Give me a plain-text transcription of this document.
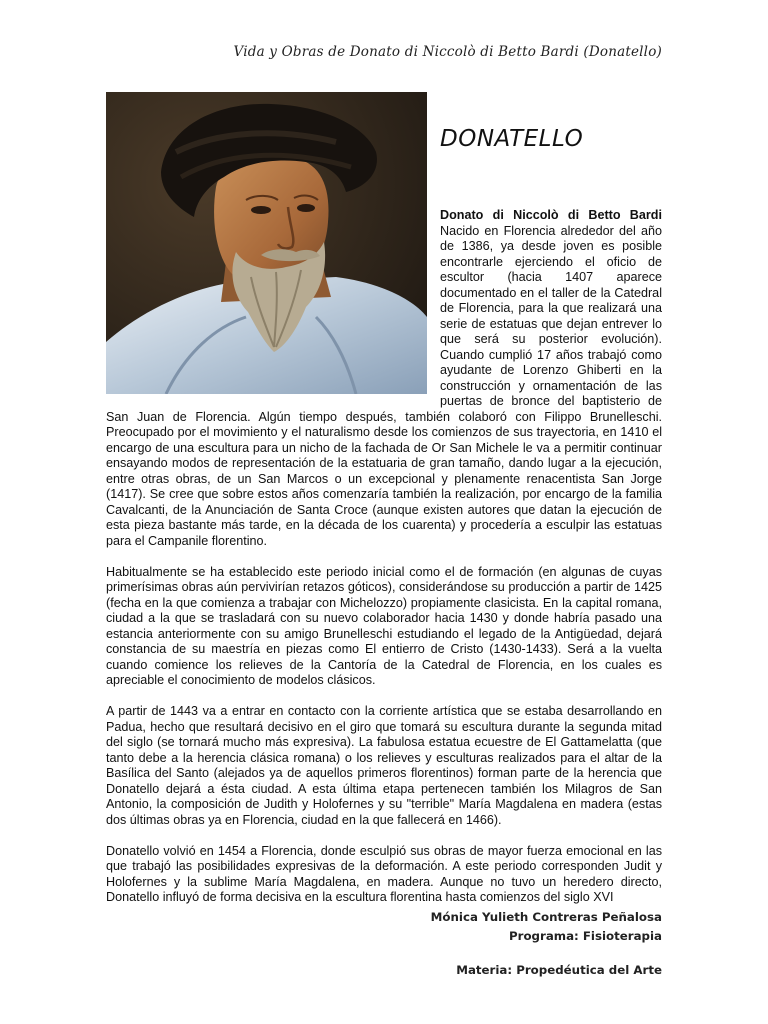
Vida y Obras de Donato di Niccolò di Betto Bardi (Donatello)
DONATELLO

Donato di Niccolò di Betto Bardi Nacido en Florencia alrededor del año de 1386, ya desde joven es posible encontrarle ejerciendo el oficio de escultor (hacia 1407 aparece documentado en el taller de la Catedral de Florencia, para la que realizará una serie de estatuas que dejan entrever lo que será su posterior evolución). Cuando cumplió 17 años trabajó como ayudante de Lorenzo Ghiberti en la construcción y ornamentación de las puertas de bronce del baptisterio de San Juan de Florencia. Algún tiempo después, también colaboró con Filippo Brunelleschi. Preocupado por el movimiento y el naturalismo desde los comienzos de sus trayectoria, en 1410 el encargo de una escultura para un nicho de la fachada de Or San Michele le va a permitir continuar ensayando modos de representación de la estatuaria de gran tamaño, dando lugar a la ejecución, entre otras obras, de un San Marcos o un excepcional y plenamente renacentista San Jorge (1417). Se cree que sobre estos años comenzaría también la realización, por encargo de la familia Cavalcanti, de la Anunciación de Santa Croce (aunque existen autores que datan la ejecución de esta pieza bastante más tarde, en la década de los cuarenta) y procedería a esculpir las estatuas para el Campanile florentino.

Habitualmente se ha establecido este periodo inicial como el de formación (en algunas de cuyas primerísimas obras aún pervivirían retazos góticos), considerándose su producción a partir de 1425 (fecha en la que comienza a trabajar con Michelozzo) propiamente clasicista. En la capital romana, ciudad a la que se trasladará con su nuevo colaborador hacia 1430 y donde habría pasado una estancia anteriormente con su amigo Brunelleschi estudiando el legado de la Antigüedad, dejará constancia de su maestría en piezas como El entierro de Cristo (1430-1433). Será a la vuelta cuando comience los relieves de la Cantoría de la Catedral de Florencia, en los cuales es apreciable el conocimiento de modelos clásicos.

A partir de 1443 va a entrar en contacto con la corriente artística que se estaba desarrollando en Padua, hecho que resultará decisivo en el giro que tomará su escultura durante la segunda mitad del siglo (se tornará mucho más expresiva). La fabulosa estatua ecuestre de El Gattamelatta (que tanto debe a la herencia clásica romana) o los relieves y esculturas realizados para el altar de la Basílica del Santo (alejados ya de aquellos primeros florentinos) forman parte de la herencia que Donatello dejará a ésta ciudad. A esta última etapa pertenecen también los Milagros de San Antonio, la composición de Judith y Holofernes y su "terrible" María Magdalena en madera (estas dos últimas obras ya en Florencia, ciudad en la que fallecerá en 1466).

Donatello volvió en 1454 a Florencia, donde esculpió sus obras de mayor fuerza emocional en las que trabajó las posibilidades expresivas de la deformación. A este periodo corresponden Judit y Holofernes y la sublime María Magdalena, en madera. Aunque no tuvo un heredero directo, Donatello influyó de forma decisiva en la escultura florentina hasta comienzos del siglo XVI

Mónica Yulieth Contreras Peñalosa
Programa: Fisioterapia
Materia: Propedéutica del Arte
